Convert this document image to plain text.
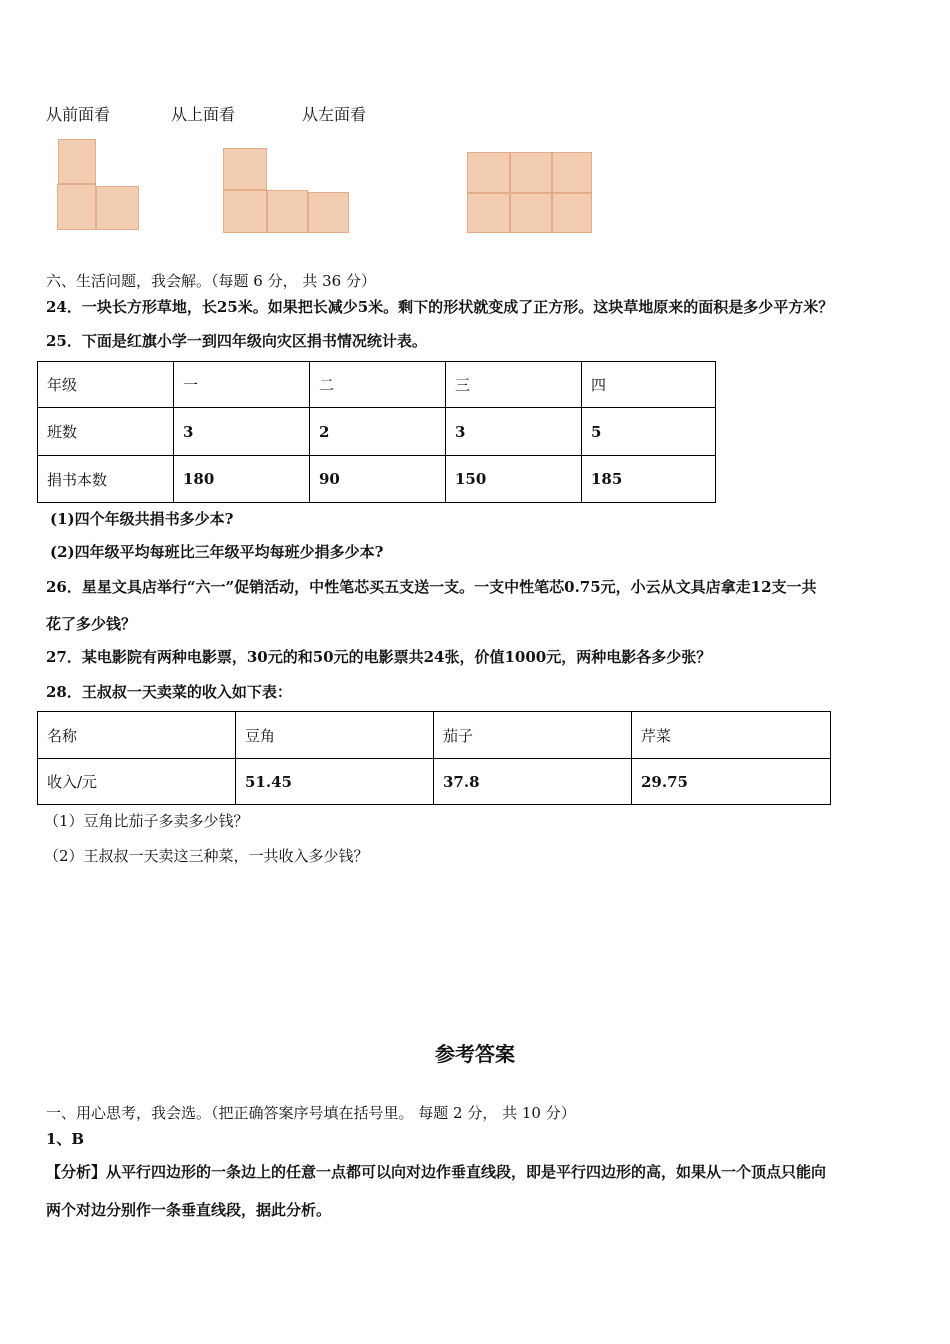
从前面看	从上面看	从左面看
六、生活问题，我会解。（每题 6 分， 共 36 分）
24．一块长方形草地，长25米。如果把长减少5米。剩下的形状就变成了正方形。这块草地原来的面积是多少平方米？
25．下面是红旗小学一到四年级向灾区捐书情况统计表。
年级	一	二	三	四
班数	3	2	3	5
捐书本数	180	90	150	185
(1)四个年级共捐书多少本?
(2)四年级平均每班比三年级平均每班少捐多少本?
26．星星文具店举行“六一”促销活动，中性笔芯买五支送一支。一支中性笔芯0.75元，小云从文具店拿走12支一共
花了多少钱？
27．某电影院有两种电影票，30元的和50元的电影票共24张，价值1000元，两种电影各多少张？
28．王叔叔一天卖菜的收入如下表：
名称	豆角	茄子	芹菜
收入/元	51.45	37.8	29.75
（1）豆角比茄子多卖多少钱？
（2）王叔叔一天卖这三种菜，一共收入多少钱？
参考答案
一、用心思考，我会选。（把正确答案序号填在括号里。 每题 2 分， 共 10 分）
1、B
【分析】从平行四边形的一条边上的任意一点都可以向对边作垂直线段，即是平行四边形的高，如果从一个顶点只能向
两个对边分别作一条垂直线段，据此分析。
